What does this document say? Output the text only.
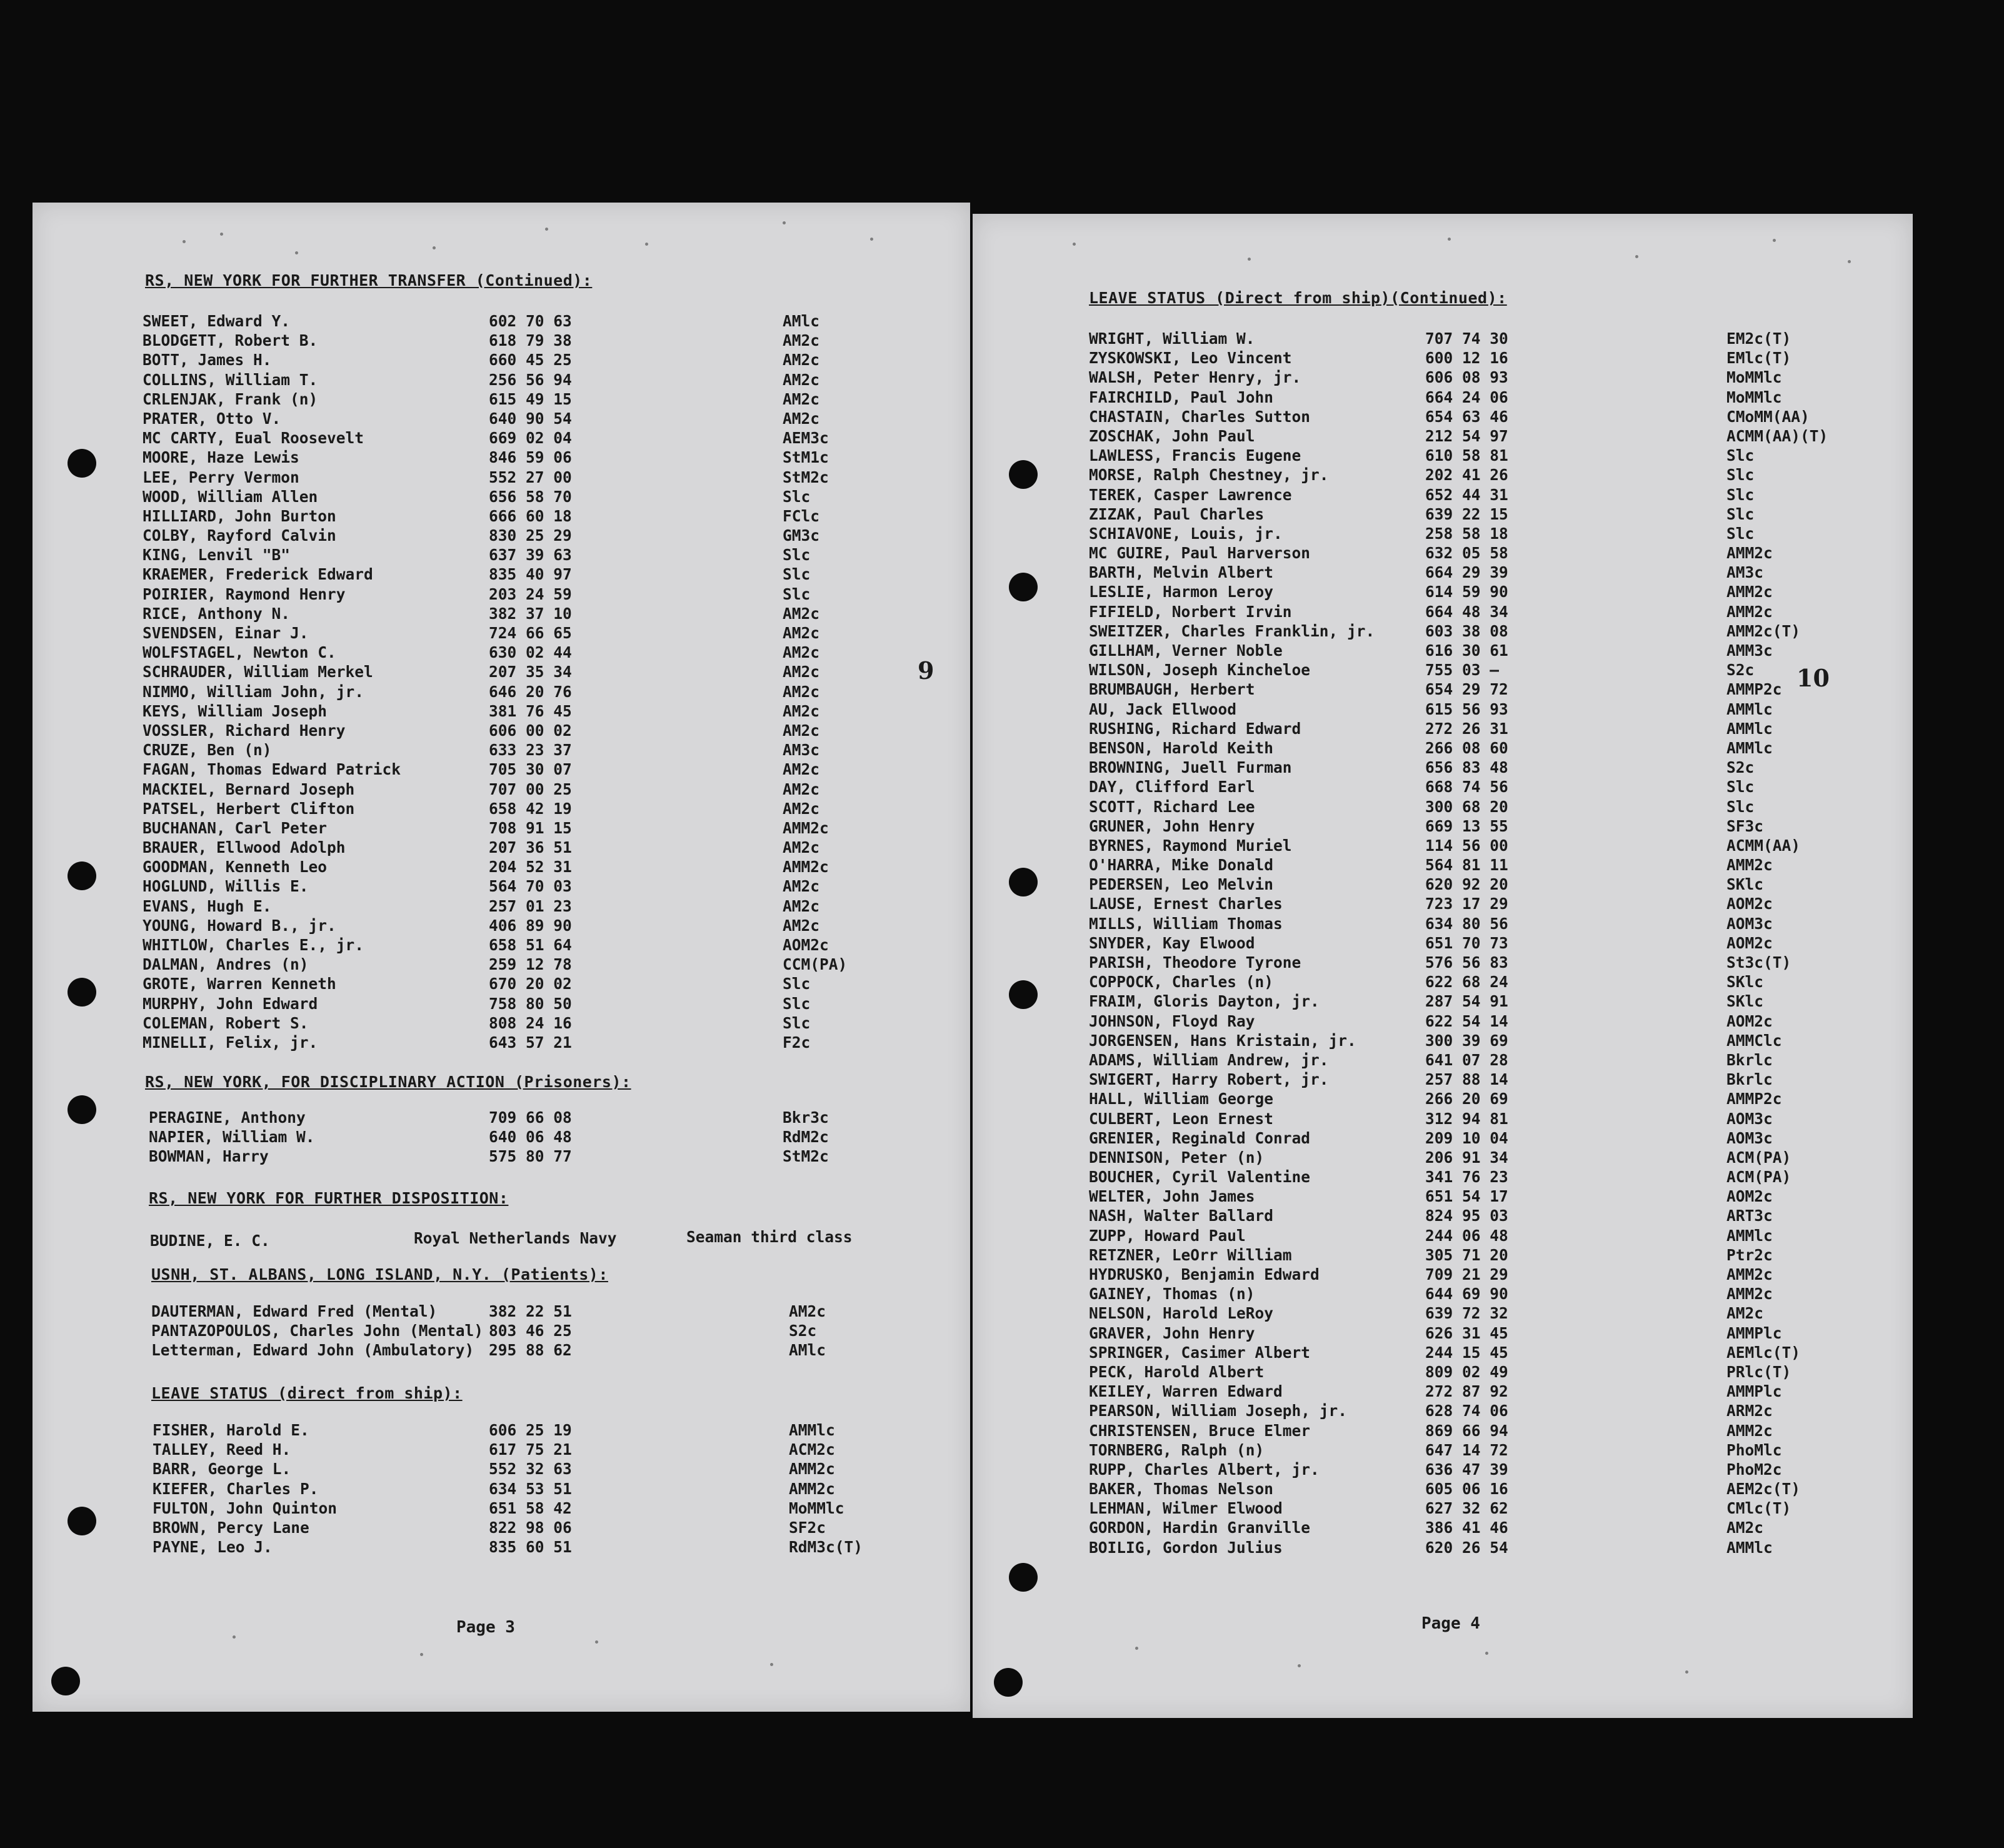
RS, NEW YORK FOR FURTHER TRANSFER (Continued):
SWEET, Edward Y.	602 70 63	AMlc
BLODGETT, Robert B.	618 79 38	AM2c
BOTT, James H.	660 45 25	AM2c
COLLINS, William T.	256 56 94	AM2c
CRLENJAK, Frank (n)	615 49 15	AM2c
PRATER, Otto V.	640 90 54	AM2c
MC CARTY, Eual Roosevelt	669 02 04	AEM3c
MOORE, Haze Lewis	846 59 06	StM1c
LEE, Perry Vermon	552 27 00	StM2c
WOOD, William Allen	656 58 70	Slc
HILLIARD, John Burton	666 60 18	FClc
COLBY, Rayford Calvin	830 25 29	GM3c
KING, Lenvil "B"	637 39 63	Slc
KRAEMER, Frederick Edward	835 40 97	Slc
POIRIER, Raymond Henry	203 24 59	Slc
RICE, Anthony N.	382 37 10	AM2c
SVENDSEN, Einar J.	724 66 65	AM2c
WOLFSTAGEL, Newton C.	630 02 44	AM2c
SCHRAUDER, William Merkel	207 35 34	AM2c
NIMMO, William John, jr.	646 20 76	AM2c
KEYS, William Joseph	381 76 45	AM2c
VOSSLER, Richard Henry	606 00 02	AM2c
CRUZE, Ben (n)	633 23 37	AM3c
FAGAN, Thomas Edward Patrick	705 30 07	AM2c
MACKIEL, Bernard Joseph	707 00 25	AM2c
PATSEL, Herbert Clifton	658 42 19	AM2c
BUCHANAN, Carl Peter	708 91 15	AMM2c
BRAUER, Ellwood Adolph	207 36 51	AM2c
GOODMAN, Kenneth Leo	204 52 31	AMM2c
HOGLUND, Willis E.	564 70 03	AM2c
EVANS, Hugh E.	257 01 23	AM2c
YOUNG, Howard B., jr.	406 89 90	AM2c
WHITLOW, Charles E., jr.	658 51 64	AOM2c
DALMAN, Andres (n)	259 12 78	CCM(PA)
GROTE, Warren Kenneth	670 20 02	Slc
MURPHY, John Edward	758 80 50	Slc
COLEMAN, Robert S.	808 24 16	Slc
MINELLI, Felix, jr.	643 57 21	F2c
RS, NEW YORK, FOR DISCIPLINARY ACTION (Prisoners):
PERAGINE, Anthony	709 66 08	Bkr3c
NAPIER, William W.	640 06 48	RdM2c
BOWMAN, Harry	575 80 77	StM2c
RS, NEW YORK FOR FURTHER DISPOSITION:
BUDINE, E. C.	Royal Netherlands Navy	Seaman third class
USNH, ST. ALBANS, LONG ISLAND, N.Y. (Patients):
DAUTERMAN, Edward Fred (Mental)	382 22 51	AM2c
PANTAZOPOULOS, Charles John (Mental) 803 46 25	S2c
Letterman, Edward John (Ambulatory) 295 88 62	AMlc
LEAVE STATUS (direct from ship):
FISHER, Harold E.	606 25 19	AMMlc
TALLEY, Reed H.	617 75 21	ACM2c
BARR, George L.	552 32 63	AMM2c
KIEFER, Charles P.	634 53 51	AMM2c
FULTON, John Quinton	651 58 42	MoMMlc
BROWN, Percy Lane	822 98 06	SF2c
PAYNE, Leo J.	835 60 51	RdM3c(T)
Page 3
9
LEAVE STATUS (Direct from ship)(Continued):
WRIGHT, William W.	707 74 30	EM2c(T)
ZYSKOWSKI, Leo Vincent	600 12 16	EMlc(T)
WALSH, Peter Henry, jr.	606 08 93	MoMMlc
FAIRCHILD, Paul John	664 24 06	MoMMlc
CHASTAIN, Charles Sutton	654 63 46	CMoMM(AA)
ZOSCHAK, John Paul	212 54 97	ACMM(AA)(T)
LAWLESS, Francis Eugene	610 58 81	Slc
MORSE, Ralph Chestney, jr.	202 41 26	Slc
TEREK, Casper Lawrence	652 44 31	Slc
ZIZAK, Paul Charles	639 22 15	Slc
SCHIAVONE, Louis, jr.	258 58 18	Slc
MC GUIRE, Paul Harverson	632 05 58	AMM2c
BARTH, Melvin Albert	664 29 39	AM3c
LESLIE, Harmon Leroy	614 59 90	AMM2c
FIFIELD, Norbert Irvin	664 48 34	AMM2c
SWEITZER, Charles Franklin, jr.	603 38 08	AMM2c(T)
GILLHAM, Verner Noble	616 30 61	AMM3c
WILSON, Joseph Kincheloe	755 03 —	S2c
BRUMBAUGH, Herbert	654 29 72	AMMP2c
AU, Jack Ellwood	615 56 93	AMMlc
RUSHING, Richard Edward	272 26 31	AMMlc
BENSON, Harold Keith	266 08 60	AMMlc
BROWNING, Juell Furman	656 83 48	S2c
DAY, Clifford Earl	668 74 56	Slc
SCOTT, Richard Lee	300 68 20	Slc
GRUNER, John Henry	669 13 55	SF3c
BYRNES, Raymond Muriel	114 56 00	ACMM(AA)
O'HARRA, Mike Donald	564 81 11	AMM2c
PEDERSEN, Leo Melvin	620 92 20	SKlc
LAUSE, Ernest Charles	723 17 29	AOM2c
MILLS, William Thomas	634 80 56	AOM3c
SNYDER, Kay Elwood	651 70 73	AOM2c
PARISH, Theodore Tyrone	576 56 83	St3c(T)
COPPOCK, Charles (n)	622 68 24	SKlc
FRAIM, Gloris Dayton, jr.	287 54 91	SKlc
JOHNSON, Floyd Ray	622 54 14	AOM2c
JORGENSEN, Hans Kristain, jr.	300 39 69	AMMClc
ADAMS, William Andrew, jr.	641 07 28	Bkrlc
SWIGERT, Harry Robert, jr.	257 88 14	Bkrlc
HALL, William George	266 20 69	AMMP2c
CULBERT, Leon Ernest	312 94 81	AOM3c
GRENIER, Reginald Conrad	209 10 04	AOM3c
DENNISON, Peter (n)	206 91 34	ACM(PA)
BOUCHER, Cyril Valentine	341 76 23	ACM(PA)
WELTER, John James	651 54 17	AOM2c
NASH, Walter Ballard	824 95 03	ART3c
ZUPP, Howard Paul	244 06 48	AMMlc
RETZNER, LeOrr William	305 71 20	Ptr2c
HYDRUSKO, Benjamin Edward	709 21 29	AMM2c
GAINEY, Thomas (n)	644 69 90	AMM2c
NELSON, Harold LeRoy	639 72 32	AM2c
GRAVER, John Henry	626 31 45	AMMPlc
SPRINGER, Casimer Albert	244 15 45	AEMlc(T)
PECK, Harold Albert	809 02 49	PRlc(T)
KEILEY, Warren Edward	272 87 92	AMMPlc
PEARSON, William Joseph, jr.	628 74 06	ARM2c
CHRISTENSEN, Bruce Elmer	869 66 94	AMM2c
TORNBERG, Ralph (n)	647 14 72	PhoMlc
RUPP, Charles Albert, jr.	636 47 39	PhoM2c
BAKER, Thomas Nelson	605 06 16	AEM2c(T)
LEHMAN, Wilmer Elwood	627 32 62	CMlc(T)
GORDON, Hardin Granville	386 41 46	AM2c
BOILIG, Gordon Julius	620 26 54	AMMlc
Page 4
10
